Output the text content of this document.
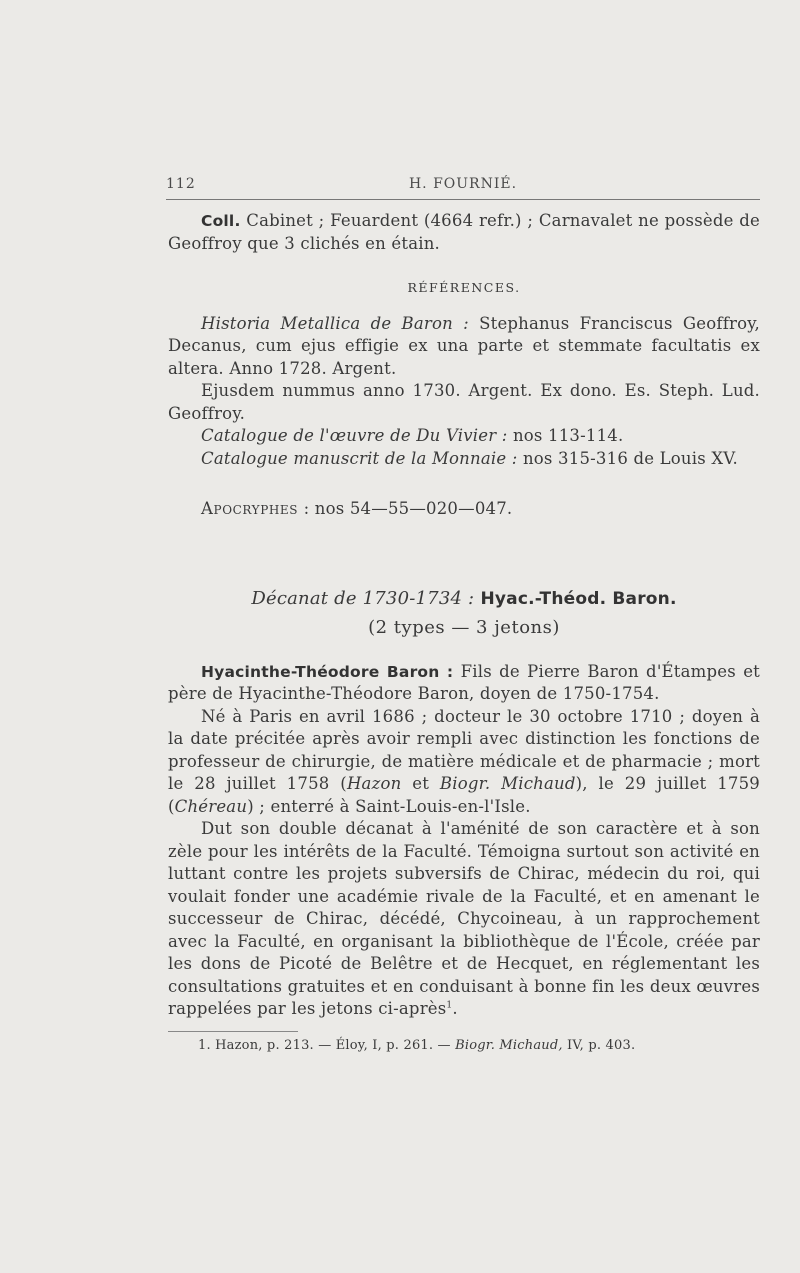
112	H. FOURNIÉ.

Coll. Cabinet ; Feuardent (4664 refr.) ; Carnavalet ne possède de Geoffroy que 3 clichés en étain.

RÉFÉRENCES.

Historia Metallica de Baron : Stephanus Franciscus Geoffroy, Decanus, cum ejus effigie ex una parte et stemmate facultatis ex altera. Anno 1728. Argent.

Ejusdem nummus anno 1730. Argent. Ex dono. Es. Steph. Lud. Geoffroy.

Catalogue de l'œuvre de Du Vivier : nos 113-114.

Catalogue manuscrit de la Monnaie : nos 315-316 de Louis XV.

Apocryphes : nos 54—55—020—047.

Décanat de 1730-1734 : Hyac.-Théod. Baron.
(2 types — 3 jetons)

Hyacinthe-Théodore Baron : Fils de Pierre Baron d'Étampes et père de Hyacinthe-Théodore Baron, doyen de 1750-1754.

Né à Paris en avril 1686 ; docteur le 30 octobre 1710 ; doyen à la date précitée après avoir rempli avec distinction les fonctions de professeur de chirurgie, de matière médicale et de pharmacie ; mort le 28 juillet 1758 (Hazon et Biogr. Michaud), le 29 juillet 1759 (Chéreau) ; enterré à Saint-Louis-en-l'Isle.

Dut son double décanat à l'aménité de son caractère et à son zèle pour les intérêts de la Faculté. Témoigna surtout son activité en luttant contre les projets subversifs de Chirac, médecin du roi, qui voulait fonder une académie rivale de la Faculté, et en amenant le successeur de Chirac, décédé, Chycoineau, à un rapprochement avec la Faculté, en organisant la bibliothèque de l'École, créée par les dons de Picoté de Belêtre et de Hecquet, en réglementant les consultations gratuites et en conduisant à bonne fin les deux œuvres rappelées par les jetons ci-après$^1$.

1. Hazon, p. 213. — Éloy, I, p. 261. — Biogr. Michaud, IV, p. 403.
